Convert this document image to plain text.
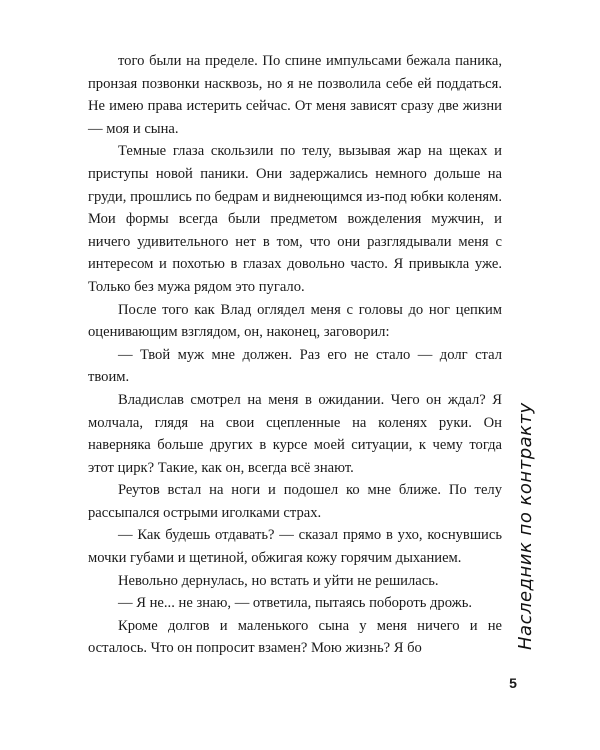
того были на пределе. По спине импульсами бежала паника, пронзая позвонки насквозь, но я не позволила себе ей поддаться. Не имею права истерить сейчас. От меня зависят сразу две жизни — моя и сына.

Темные глаза скользили по телу, вызывая жар на щеках и приступы новой паники. Они задержались немного дольше на груди, прошлись по бедрам и виднеющимся из-под юбки коленям. Мои формы всегда были предметом вожделения мужчин, и ничего удивительного нет в том, что они разглядывали меня с интересом и похотью в глазах довольно часто. Я привыкла уже. Только без мужа рядом это пугало.

После того как Влад оглядел меня с головы до ног цепким оценивающим взглядом, он, наконец, заговорил:

— Твой муж мне должен. Раз его не стало — долг стал твоим.

Владислав смотрел на меня в ожидании. Чего он ждал? Я молчала, глядя на свои сцепленные на коленях руки. Он наверняка больше других в курсе моей ситуации, к чему тогда этот цирк? Такие, как он, всегда всё знают.

Реутов встал на ноги и подошел ко мне ближе. По телу рассыпался острыми иголками страх.

— Как будешь отдавать? — сказал прямо в ухо, коснувшись мочки губами и щетиной, обжигая кожу горячим дыханием.

Невольно дернулась, но встать и уйти не решилась.

— Я не... не знаю, — ответила, пытаясь побороть дрожь.

Кроме долгов и маленького сына у меня ничего и не осталось. Что он попросит взамен? Мою жизнь? Я бо	Наследник по контракту
5
